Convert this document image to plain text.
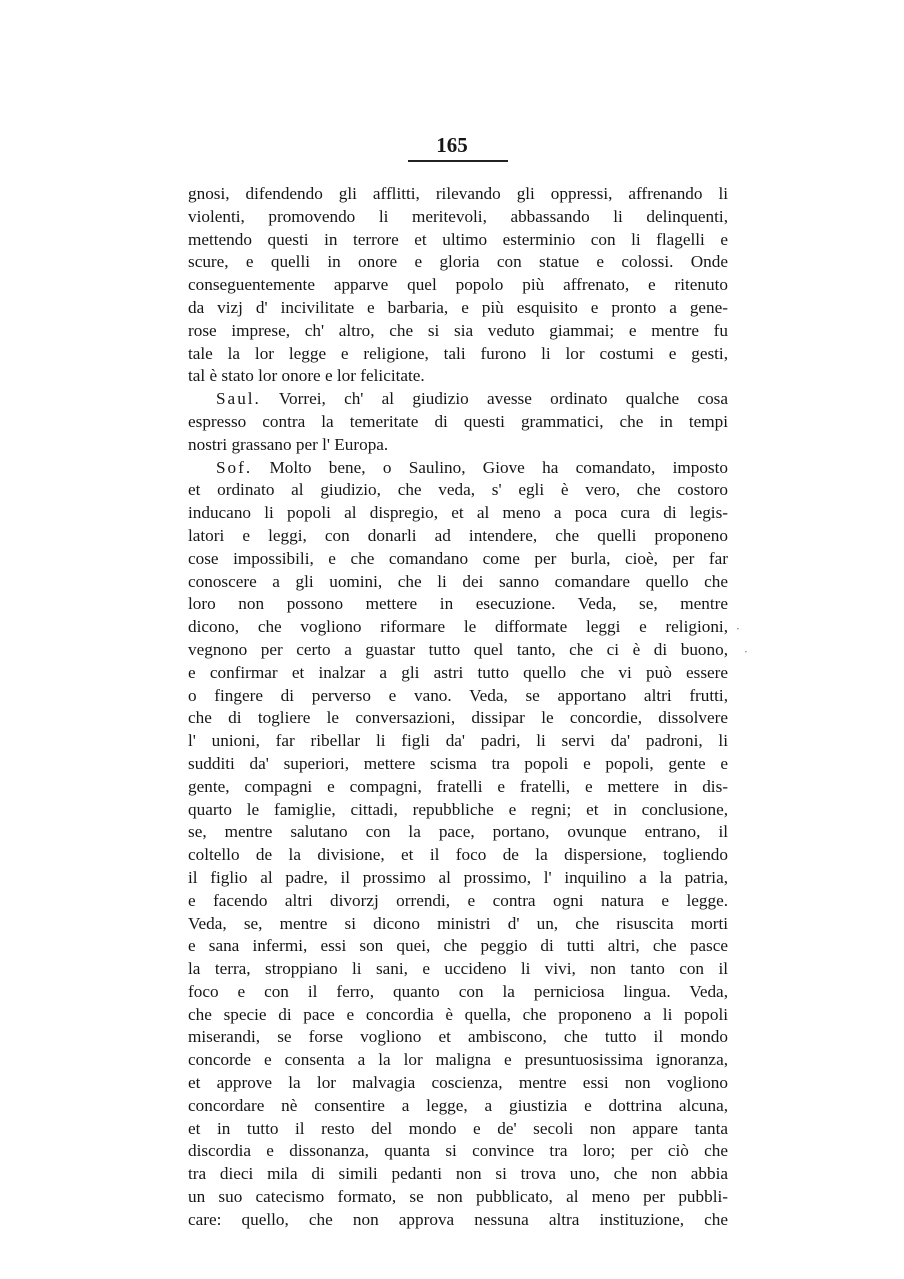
165
gnosi, difendendo gli afflitti, rilevando gli oppressi, affrenando li
violenti, promovendo li meritevoli, abbassando li delinquenti,
mettendo questi in terrore et ultimo esterminio con li flagelli e
scure, e quelli in onore e gloria con statue e colossi. Onde
conseguentemente apparve quel popolo più affrenato, e ritenuto
da vizj d' incivilitate e barbaria, e più esquisito e pronto a gene-
rose imprese, ch' altro, che si sia veduto giammai; e mentre fu
tale la lor legge e religione, tali furono li lor costumi e gesti,
tal è stato lor onore e lor felicitate.
Saul. Vorrei, ch' al giudizio avesse ordinato qualche cosa
espresso contra la temeritate di questi grammatici, che in tempi
nostri grassano per l' Europa.
Sof. Molto bene, o Saulino, Giove ha comandato, imposto
et ordinato al giudizio, che veda, s' egli è vero, che costoro
inducano li popoli al dispregio, et al meno a poca cura di legis-
latori e leggi, con donarli ad intendere, che quelli proponeno
cose impossibili, e che comandano come per burla, cioè, per far
conoscere a gli uomini, che li dei sanno comandare quello che
loro non possono mettere in esecuzione. Veda, se, mentre
dicono, che vogliono riformare le difformate leggi e religioni,
vegnono per certo a guastar tutto quel tanto, che ci è di buono,
e confirmar et inalzar a gli astri tutto quello che vi può essere
o fingere di perverso e vano. Veda, se apportano altri frutti,
che di togliere le conversazioni, dissipar le concordie, dissolvere
l' unioni, far ribellar li figli da' padri, li servi da' padroni, li
sudditi da' superiori, mettere scisma tra popoli e popoli, gente e
gente, compagni e compagni, fratelli e fratelli, e mettere in dis-
quarto le famiglie, cittadi, repubbliche e regni; et in conclusione,
se, mentre salutano con la pace, portano, ovunque entrano, il
coltello de la divisione, et il foco de la dispersione, togliendo
il figlio al padre, il prossimo al prossimo, l' inquilino a la patria,
e facendo altri divorzj orrendi, e contra ogni natura e legge.
Veda, se, mentre si dicono ministri d' un, che risuscita morti
e sana infermi, essi son quei, che peggio di tutti altri, che pasce
la terra, stroppiano li sani, e uccideno li vivi, non tanto con il
foco e con il ferro, quanto con la perniciosa lingua. Veda,
che specie di pace e concordia è quella, che proponeno a li popoli
miserandi, se forse vogliono et ambiscono, che tutto il mondo
concorde e consenta a la lor maligna e presuntuosissima ignoranza,
et approve la lor malvagia coscienza, mentre essi non vogliono
concordare nè consentire a legge, a giustizia e dottrina alcuna,
et in tutto il resto del mondo e de' secoli non appare tanta
discordia e dissonanza, quanta si convince tra loro; per ciò che
tra dieci mila di simili pedanti non si trova uno, che non abbia
un suo catecismo formato, se non pubblicato, al meno per pubbli-
care: quello, che non approva nessuna altra instituzione, che
·
·
